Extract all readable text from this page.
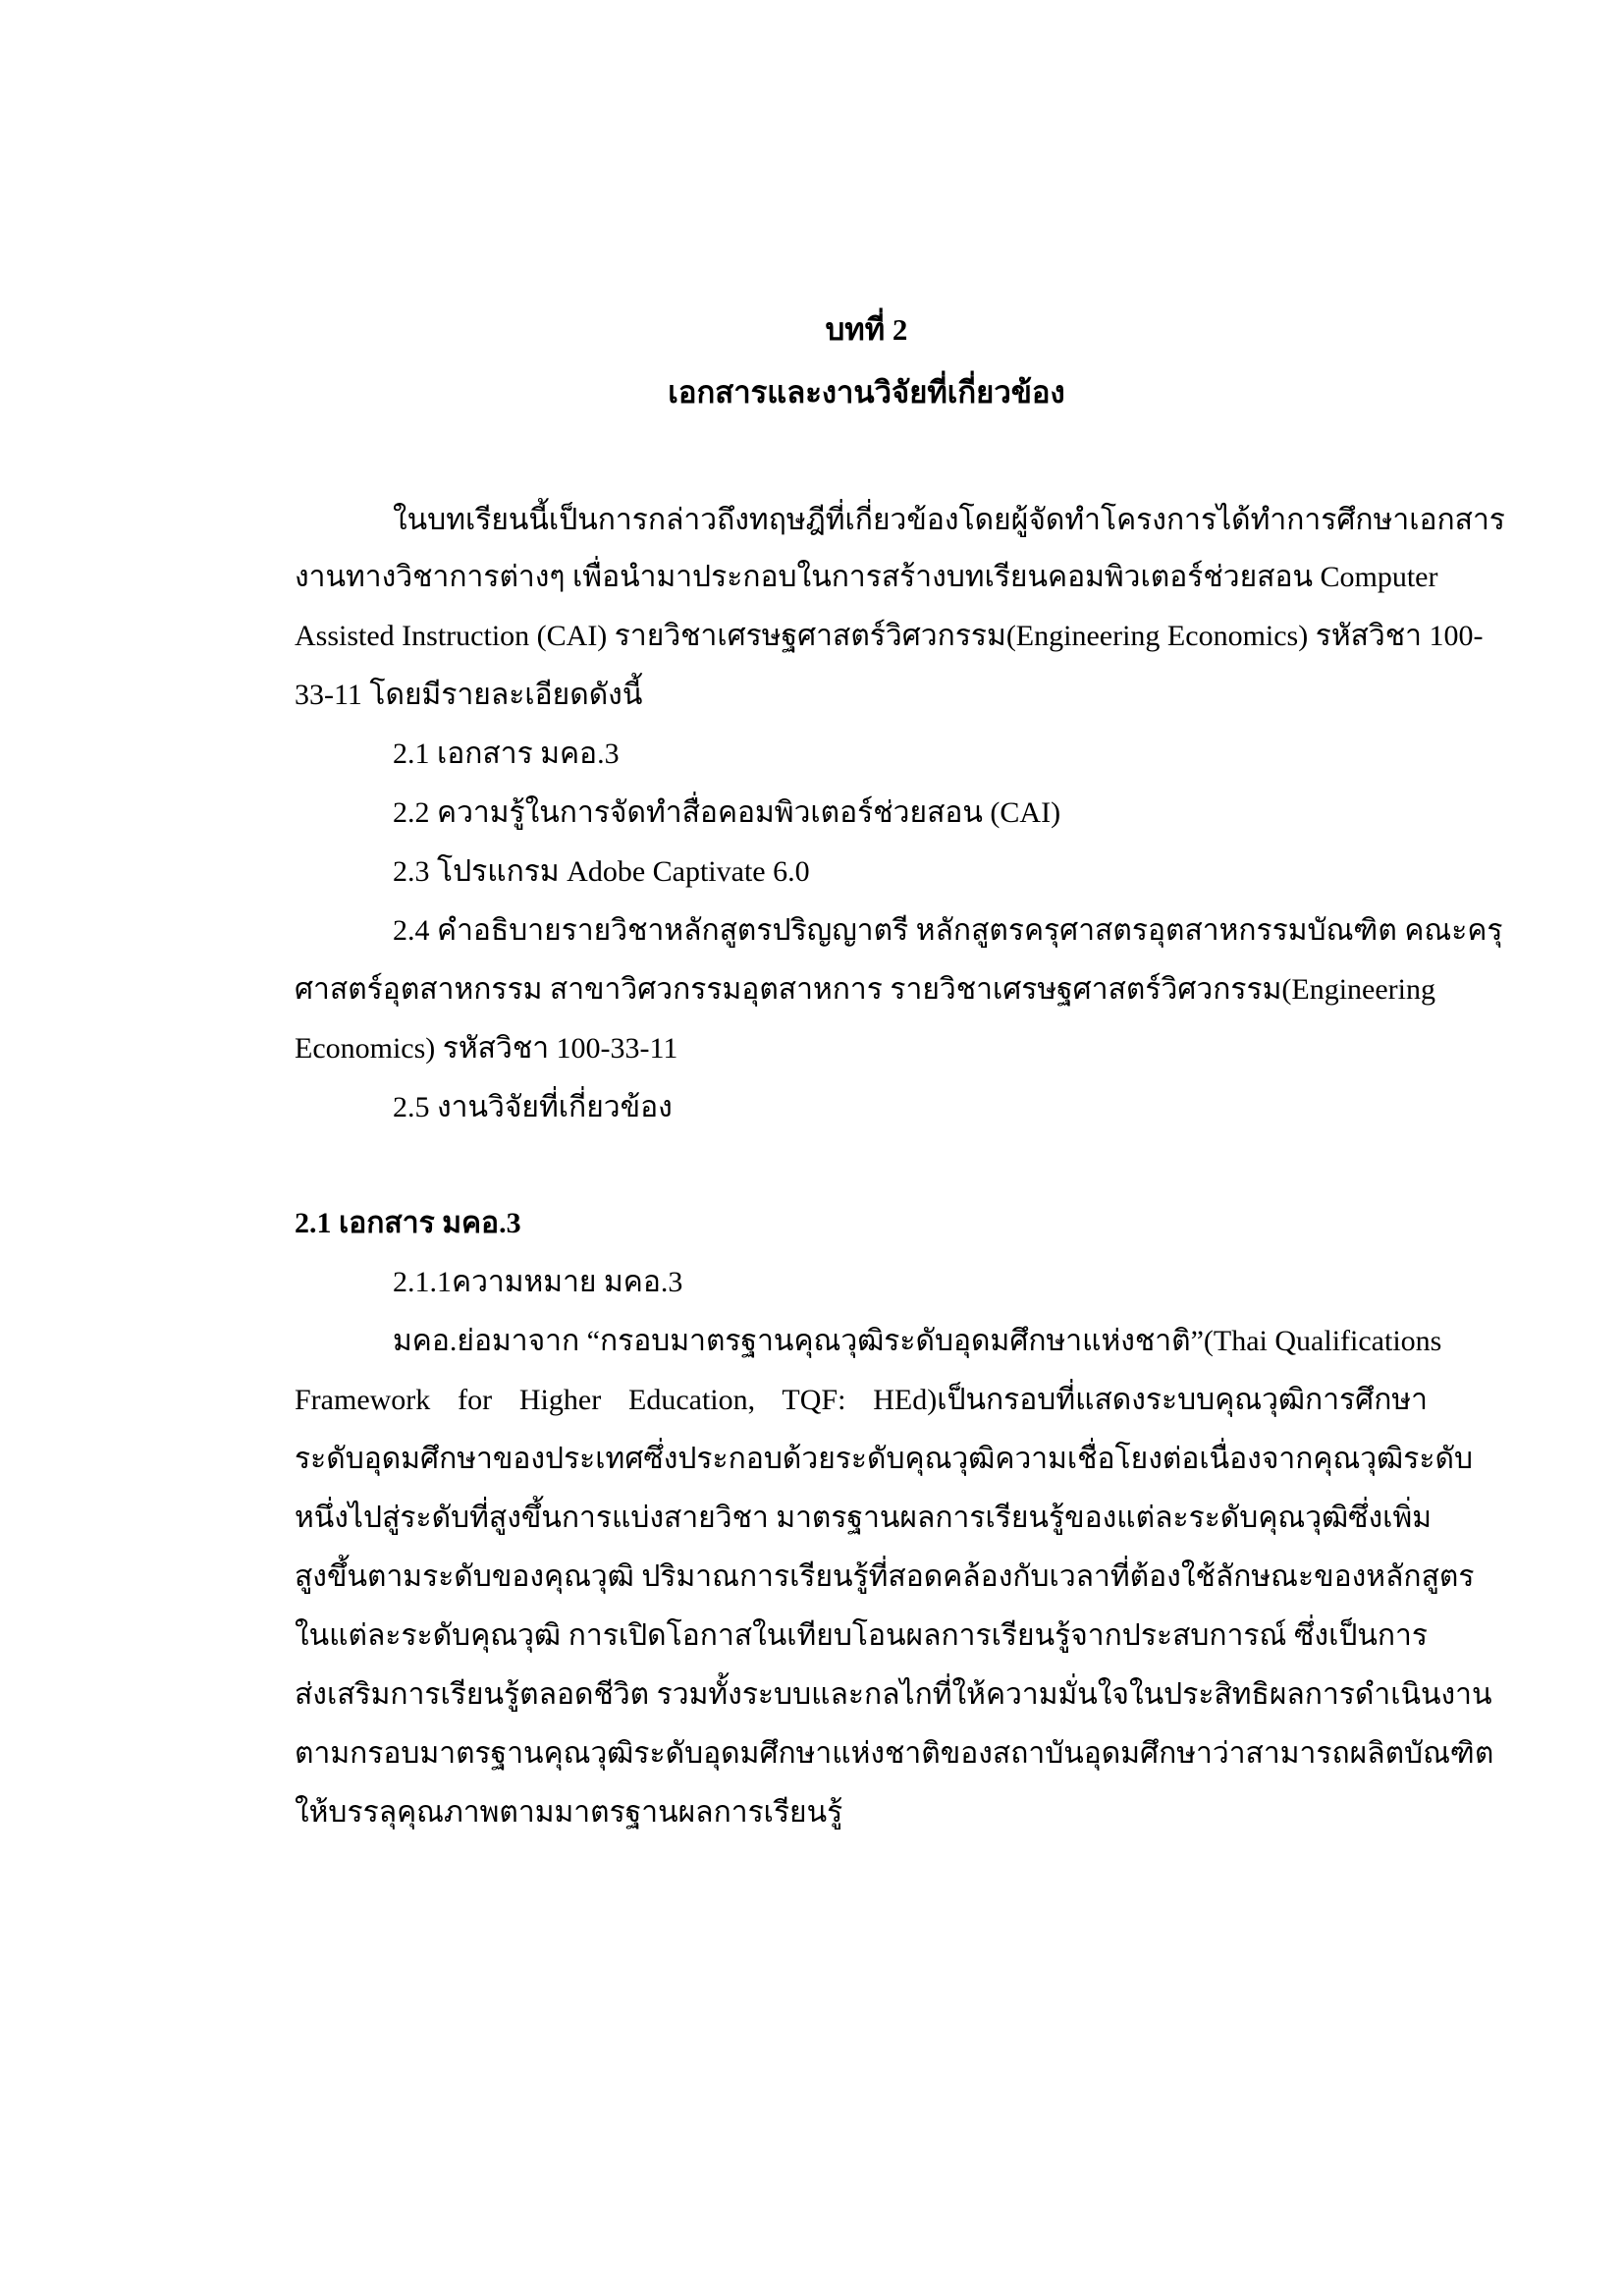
บทที่ 2
เอกสารและงานวิจัยที่เกี่ยวข้อง
ในบทเรียนนี้เป็นการกล่าวถึงทฤษฎีที่เกี่ยวข้องโดยผู้จัดทำโครงการได้ทำการศึกษาเอกสาร
งานทางวิชาการต่างๆ เพื่อนำมาประกอบในการสร้างบทเรียนคอมพิวเตอร์ช่วยสอน Computer
Assisted Instruction (CAI) รายวิชาเศรษฐศาสตร์วิศวกรรม(Engineering Economics) รหัสวิชา 100-
33-11 โดยมีรายละเอียดดังนี้
2.1 เอกสาร มคอ.3
2.2 ความรู้ในการจัดทำสื่อคอมพิวเตอร์ช่วยสอน (CAI)
2.3 โปรแกรม Adobe Captivate 6.0
2.4 คำอธิบายรายวิชาหลักสูตรปริญญาตรี หลักสูตรครุศาสตรอุตสาหกรรมบัณฑิต คณะครุ
ศาสตร์อุตสาหกรรม สาขาวิศวกรรมอุตสาหการ รายวิชาเศรษฐศาสตร์วิศวกรรม(Engineering
Economics) รหัสวิชา 100-33-11
2.5 งานวิจัยที่เกี่ยวข้อง
2.1 เอกสาร มคอ.3
2.1.1ความหมาย มคอ.3
มคอ.ย่อมาจาก “กรอบมาตรฐานคุณวุฒิระดับอุดมศึกษาแห่งชาติ”(Thai Qualifications
Framework for Higher Education, TQF: HEd)เป็นกรอบที่แสดงระบบคุณวุฒิการศึกษา
ระดับอุดมศึกษาของประเทศซึ่งประกอบด้วยระดับคุณวุฒิความเชื่อโยงต่อเนื่องจากคุณวุฒิระดับ
หนึ่งไปสู่ระดับที่สูงขึ้นการแบ่งสายวิชา มาตรฐานผลการเรียนรู้ของแต่ละระดับคุณวุฒิซึ่งเพิ่ม
สูงขึ้นตามระดับของคุณวุฒิ ปริมาณการเรียนรู้ที่สอดคล้องกับเวลาที่ต้องใช้ลักษณะของหลักสูตร
ในแต่ละระดับคุณวุฒิ การเปิดโอกาสในเทียบโอนผลการเรียนรู้จากประสบการณ์ ซึ่งเป็นการ
ส่งเสริมการเรียนรู้ตลอดชีวิต รวมทั้งระบบและกลไกที่ให้ความมั่นใจในประสิทธิผลการดำเนินงาน
ตามกรอบมาตรฐานคุณวุฒิระดับอุดมศึกษาแห่งชาติของสถาบันอุดมศึกษาว่าสามารถผลิตบัณฑิต
ให้บรรลุคุณภาพตามมาตรฐานผลการเรียนรู้
